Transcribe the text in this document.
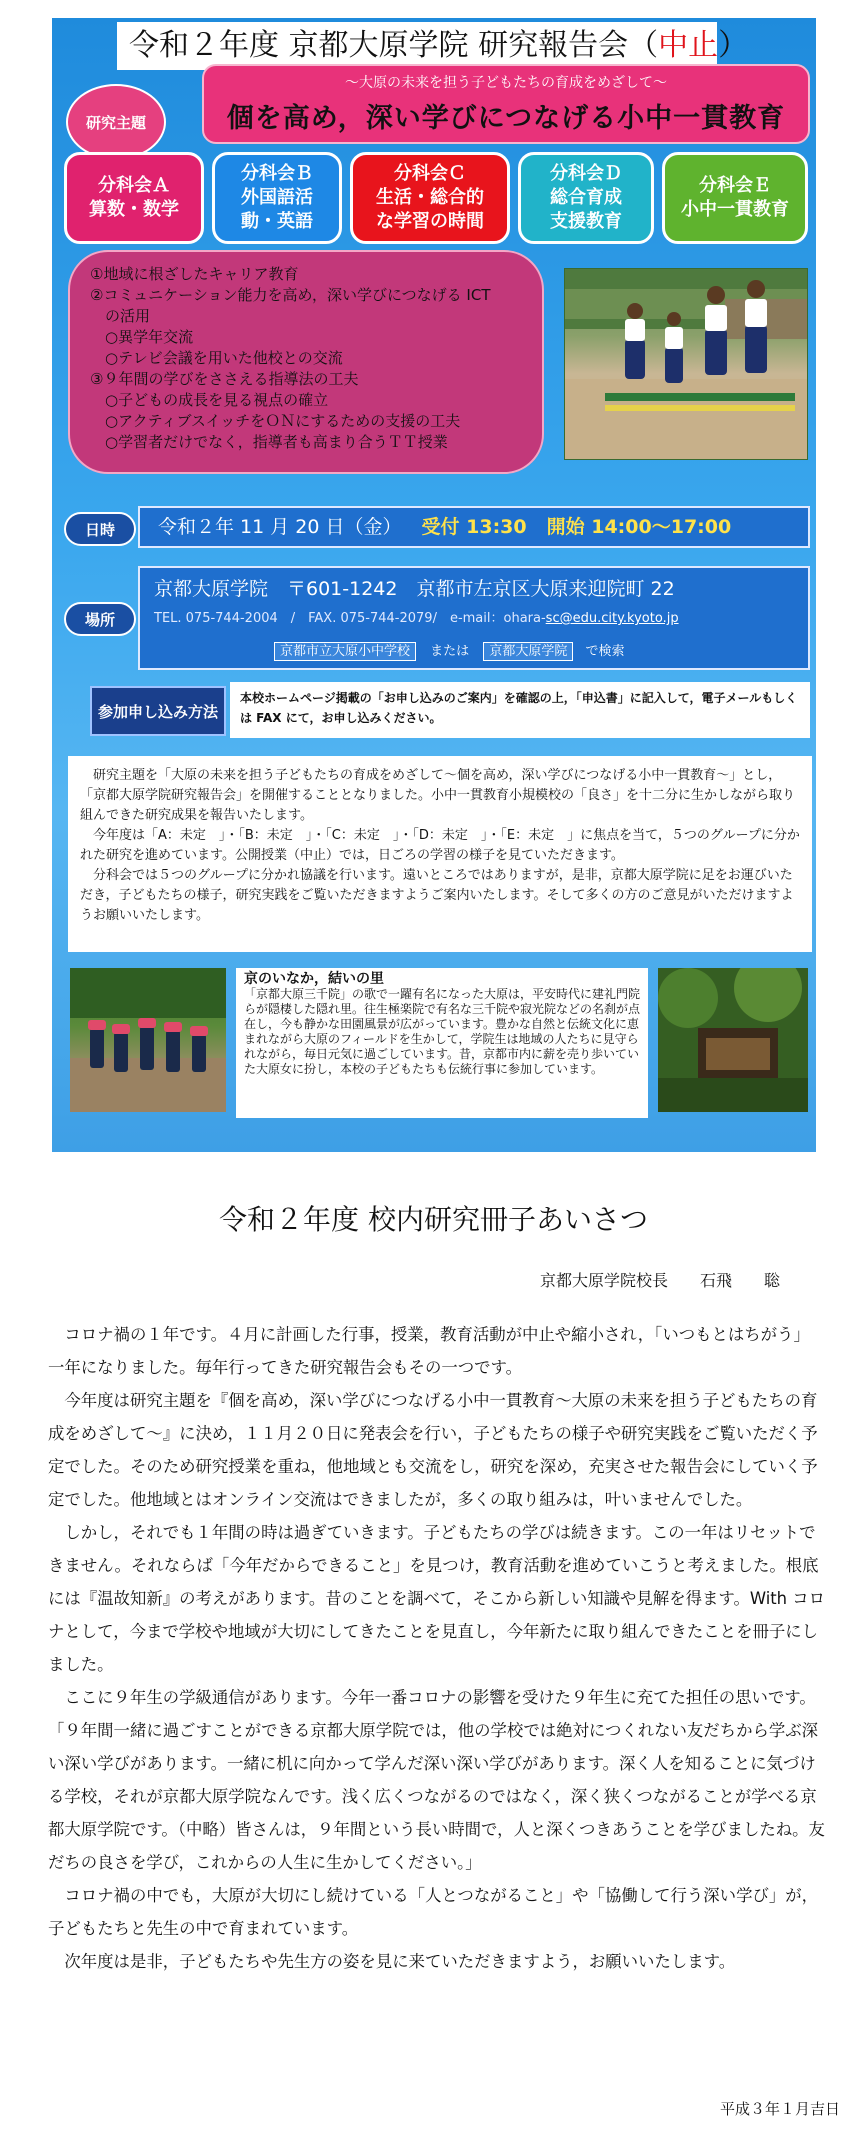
令和２年度 京都大原学院 研究報告会（中止）
研究主題
～大原の未来を担う子どもたちの育成をめざして～
個を高め，深い学びにつなげる小中一貫教育
分科会Ａ
算数・数学
分科会Ｂ
外国語活
動・英語
分科会Ｃ
生活・総合的
な学習の時間
分科会Ｄ
総合育成
支援教育
分科会Ｅ
小中一貫教育
①地域に根ざしたキャリア教育
②コミュニケーション能力を高め，深い学びにつなげる ICT
　の活用
　○異学年交流
　○テレビ会議を用いた他校との交流
③９年間の学びをささえる指導法の工夫
　○子どもの成長を見る視点の確立
　○アクティブスイッチをＯＮにするための支援の工夫
　○学習者だけでなく，指導者も高まり合うＴＴ授業
日時	令和２年 11 月 20 日（金） 受付 13:30 開始 14:00～17:00
場所
京都大原学院　〒601-1242　京都市左京区大原来迎院町 22
TEL. 075-744-2004　/　FAX. 075-744-2079/　e-mail：ohara-sc@edu.city.kyoto.jp
京都市立大原小中学校 または 京都大原学院 で検索
参加申し込み方法
本校ホームページ掲載の「お申し込みのご案内」を確認の上，「申込書」に記入して，電子メールもしくは FAX にて，お申し込みください。

研究主題を「大原の未来を担う子どもたちの育成をめざして～個を高め，深い学びにつなげる小中一貫教育～」とし，「京都大原学院研究報告会」を開催することとなりました。小中一貫教育小規模校の「良さ」を十二分に生かしながら取り組んできた研究成果を報告いたします。

今年度は「A：未定　」・「B：未定　」・「C：未定　」・「D：未定　」・「E：未定　」に焦点を当て，５つのグループに分かれた研究を進めています。公開授業（中止）では，日ごろの学習の様子を見ていただきます。

分科会では５つのグループに分かれ協議を行います。遠いところではありますが，是非，京都大原学院に足をお運びいただき，子どもたちの様子，研究実践をご覧いただきますようご案内いたします。そして多くの方のご意見がいただけますようお願いいたします。

京のいなか，結いの里
「京都大原三千院」の歌で一躍有名になった大原は，平安時代に建礼門院らが隠棲した隠れ里。往生極楽院で有名な三千院や寂光院などの名刹が点在し，今も静かな田園風景が広がっています。豊かな自然と伝統文化に恵まれながら大原のフィールドを生かして，学院生は地域の人たちに見守られながら，毎日元気に過ごしています。昔，京都市内に薪を売り歩いていた大原女に扮し，本校の子どもたちも伝統行事に参加しています。
令和２年度 校内研究冊子あいさつ
京都大原学院校長　　石飛　　聡

コロナ禍の１年です。４月に計画した行事，授業，教育活動が中止や縮小され，「いつもとはちがう」一年になりました。毎年行ってきた研究報告会もその一つです。

今年度は研究主題を『個を高め，深い学びにつなげる小中一貫教育～大原の未来を担う子どもたちの育成をめざして～』に決め，１１月２０日に発表会を行い，子どもたちの様子や研究実践をご覧いただく予定でした。そのため研究授業を重ね，他地域とも交流をし，研究を深め，充実させた報告会にしていく予定でした。他地域とはオンライン交流はできましたが，多くの取り組みは，叶いませんでした。

しかし，それでも１年間の時は過ぎていきます。子どもたちの学びは続きます。この一年はリセットできません。それならば「今年だからできること」を見つけ，教育活動を進めていこうと考えました。根底には『温故知新』の考えがあります。昔のことを調べて，そこから新しい知識や見解を得ます。With コロナとして，今まで学校や地域が大切にしてきたことを見直し，今年新たに取り組んできたことを冊子にしました。

ここに９年生の学級通信があります。今年一番コロナの影響を受けた９年生に充てた担任の思いです。「９年間一緒に過ごすことができる京都大原学院では，他の学校では絶対につくれない友だちから学ぶ深い深い学びがあります。一緒に机に向かって学んだ深い深い学びがあります。深く人を知ることに気づける学校，それが京都大原学院なんです。浅く広くつながるのではなく，深く狭くつながることが学べる京都大原学院です。（中略）皆さんは，９年間という長い時間で，人と深くつきあうことを学びましたね。友だちの良さを学び，これからの人生に生かしてください。」

コロナ禍の中でも，大原が大切にし続けている「人とつながること」や「協働して行う深い学び」が，子どもたちと先生の中で育まれています。

次年度は是非，子どもたちや先生方の姿を見に来ていただきますよう，お願いいたします。

平成３年１月吉日
